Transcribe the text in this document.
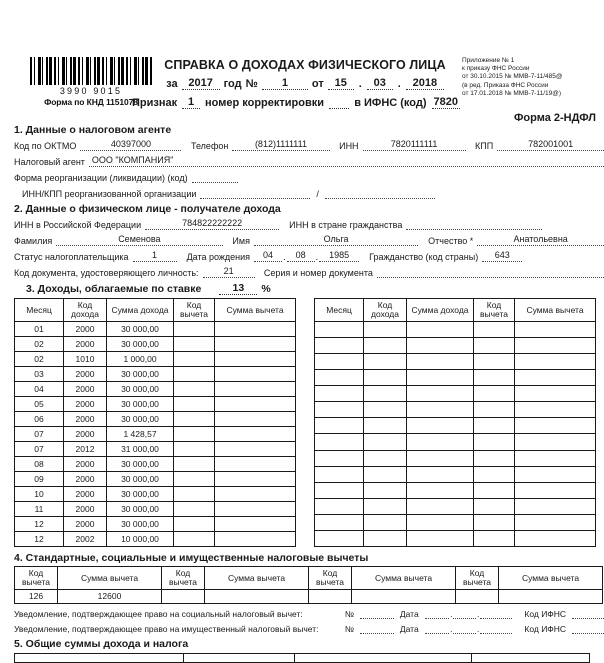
3990 9015
Форма по КНД 1151078
СПРАВКА О ДОХОДАХ ФИЗИЧЕСКОГО ЛИЦА
за 2017 год №	1	от 15	.	03	.	2018
Признак 1 номер корректировки	в ИФНС (код) 7820
Приложение № 1
к приказу ФНС России
от 30.10.2015 № ММВ-7-11/485@
(в ред. Приказа ФНС России
от 17.01.2018 № ММВ-7-11/19@)
Форма 2-НДФЛ
1. Данные о налоговом агенте
Код по ОКТМО	40397000	Телефон	(812)1111111	ИНН	7820111111	КПП	782001001
Налоговый агент ООО "КОМПАНИЯ"
Форма реорганизации (ликвидации) (код)
ИНН/КПП реорганизованной организации	/
2. Данные о физическом лице - получателе дохода
ИНН в Российской Федерации	784822222222	ИНН в стране гражданства
Фамилия	Семенова	Имя	Ольга	Отчество *	Анатольевна
Статус налогоплательщика	1	Дата рождения	04	.	08	.	1985	Гражданство (код страны)	643
Код документа, удостоверяющего личность:	21	Серия и номер документа
3. Доходы, облагаемые по ставке	13	%
Месяц	Код дохода	Сумма дохода	Код вычета	Сумма вычета
01	2000	30 000,00		
02	2000	30 000,00		
02	1010	1 000,00		
03	2000	30 000,00		
04	2000	30 000,00		
05	2000	30 000,00		
06	2000	30 000,00		
07	2000	1 428,57		
07	2012	31 000,00		
08	2000	30 000,00		
09	2000	30 000,00		
10	2000	30 000,00		
11	2000	30 000,00		
12	2000	30 000,00		
12	2002	10 000,00		
Месяц	Код дохода	Сумма дохода	Код вычета	Сумма вычета

4. Стандартные, социальные и имущественные налоговые вычеты
Код вычета	Сумма вычета	Код вычета	Сумма вычета	Код вычета	Сумма вычета	Код вычета	Сумма вычета
126	12600						
Уведомление, подтверждающее право на социальный налоговый вычет:	№	Дата	.	.	Код ИФНС
Уведомление, подтверждающее право на имущественный налоговый вычет:	№	Дата	.	.	Код ИФНС
5. Общие суммы дохода и налога
